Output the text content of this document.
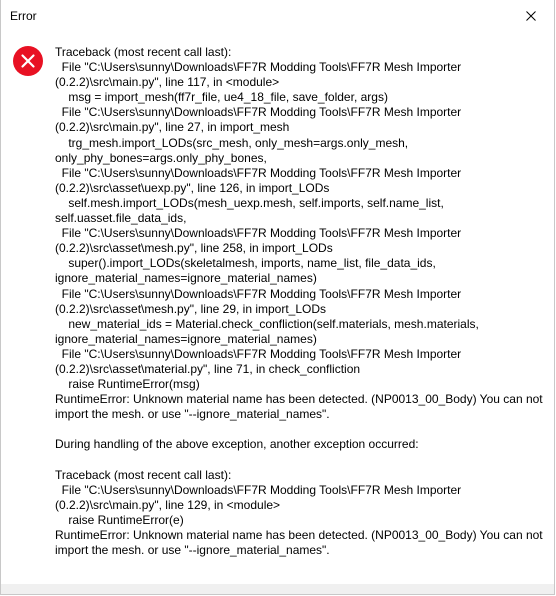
Error
Traceback (most recent call last):
File "C:\Users\sunny\Downloads\FF7R Modding Tools\FF7R Mesh Importer
(0.2.2)\src\main.py", line 117, in <module>
msg = import_mesh(ff7r_file, ue4_18_file, save_folder, args)
File "C:\Users\sunny\Downloads\FF7R Modding Tools\FF7R Mesh Importer
(0.2.2)\src\main.py", line 27, in import_mesh
trg_mesh.import_LODs(src_mesh, only_mesh=args.only_mesh,
only_phy_bones=args.only_phy_bones,
File "C:\Users\sunny\Downloads\FF7R Modding Tools\FF7R Mesh Importer
(0.2.2)\src\asset\uexp.py", line 126, in import_LODs
self.mesh.import_LODs(mesh_uexp.mesh, self.imports, self.name_list,
self.uasset.file_data_ids,
File "C:\Users\sunny\Downloads\FF7R Modding Tools\FF7R Mesh Importer
(0.2.2)\src\asset\mesh.py", line 258, in import_LODs
super().import_LODs(skeletalmesh, imports, name_list, file_data_ids,
ignore_material_names=ignore_material_names)
File "C:\Users\sunny\Downloads\FF7R Modding Tools\FF7R Mesh Importer
(0.2.2)\src\asset\mesh.py", line 29, in import_LODs
new_material_ids = Material.check_confliction(self.materials, mesh.materials,
ignore_material_names=ignore_material_names)
File "C:\Users\sunny\Downloads\FF7R Modding Tools\FF7R Mesh Importer
(0.2.2)\src\asset\material.py", line 71, in check_confliction
raise RuntimeError(msg)
RuntimeError: Unknown material name has been detected. (NP0013_00_Body) You can not
import the mesh. or use "--ignore_material_names".

During handling of the above exception, another exception occurred:

Traceback (most recent call last):
File "C:\Users\sunny\Downloads\FF7R Modding Tools\FF7R Mesh Importer
(0.2.2)\src\main.py", line 129, in <module>
raise RuntimeError(e)
RuntimeError: Unknown material name has been detected. (NP0013_00_Body) You can not
import the mesh. or use "--ignore_material_names".
